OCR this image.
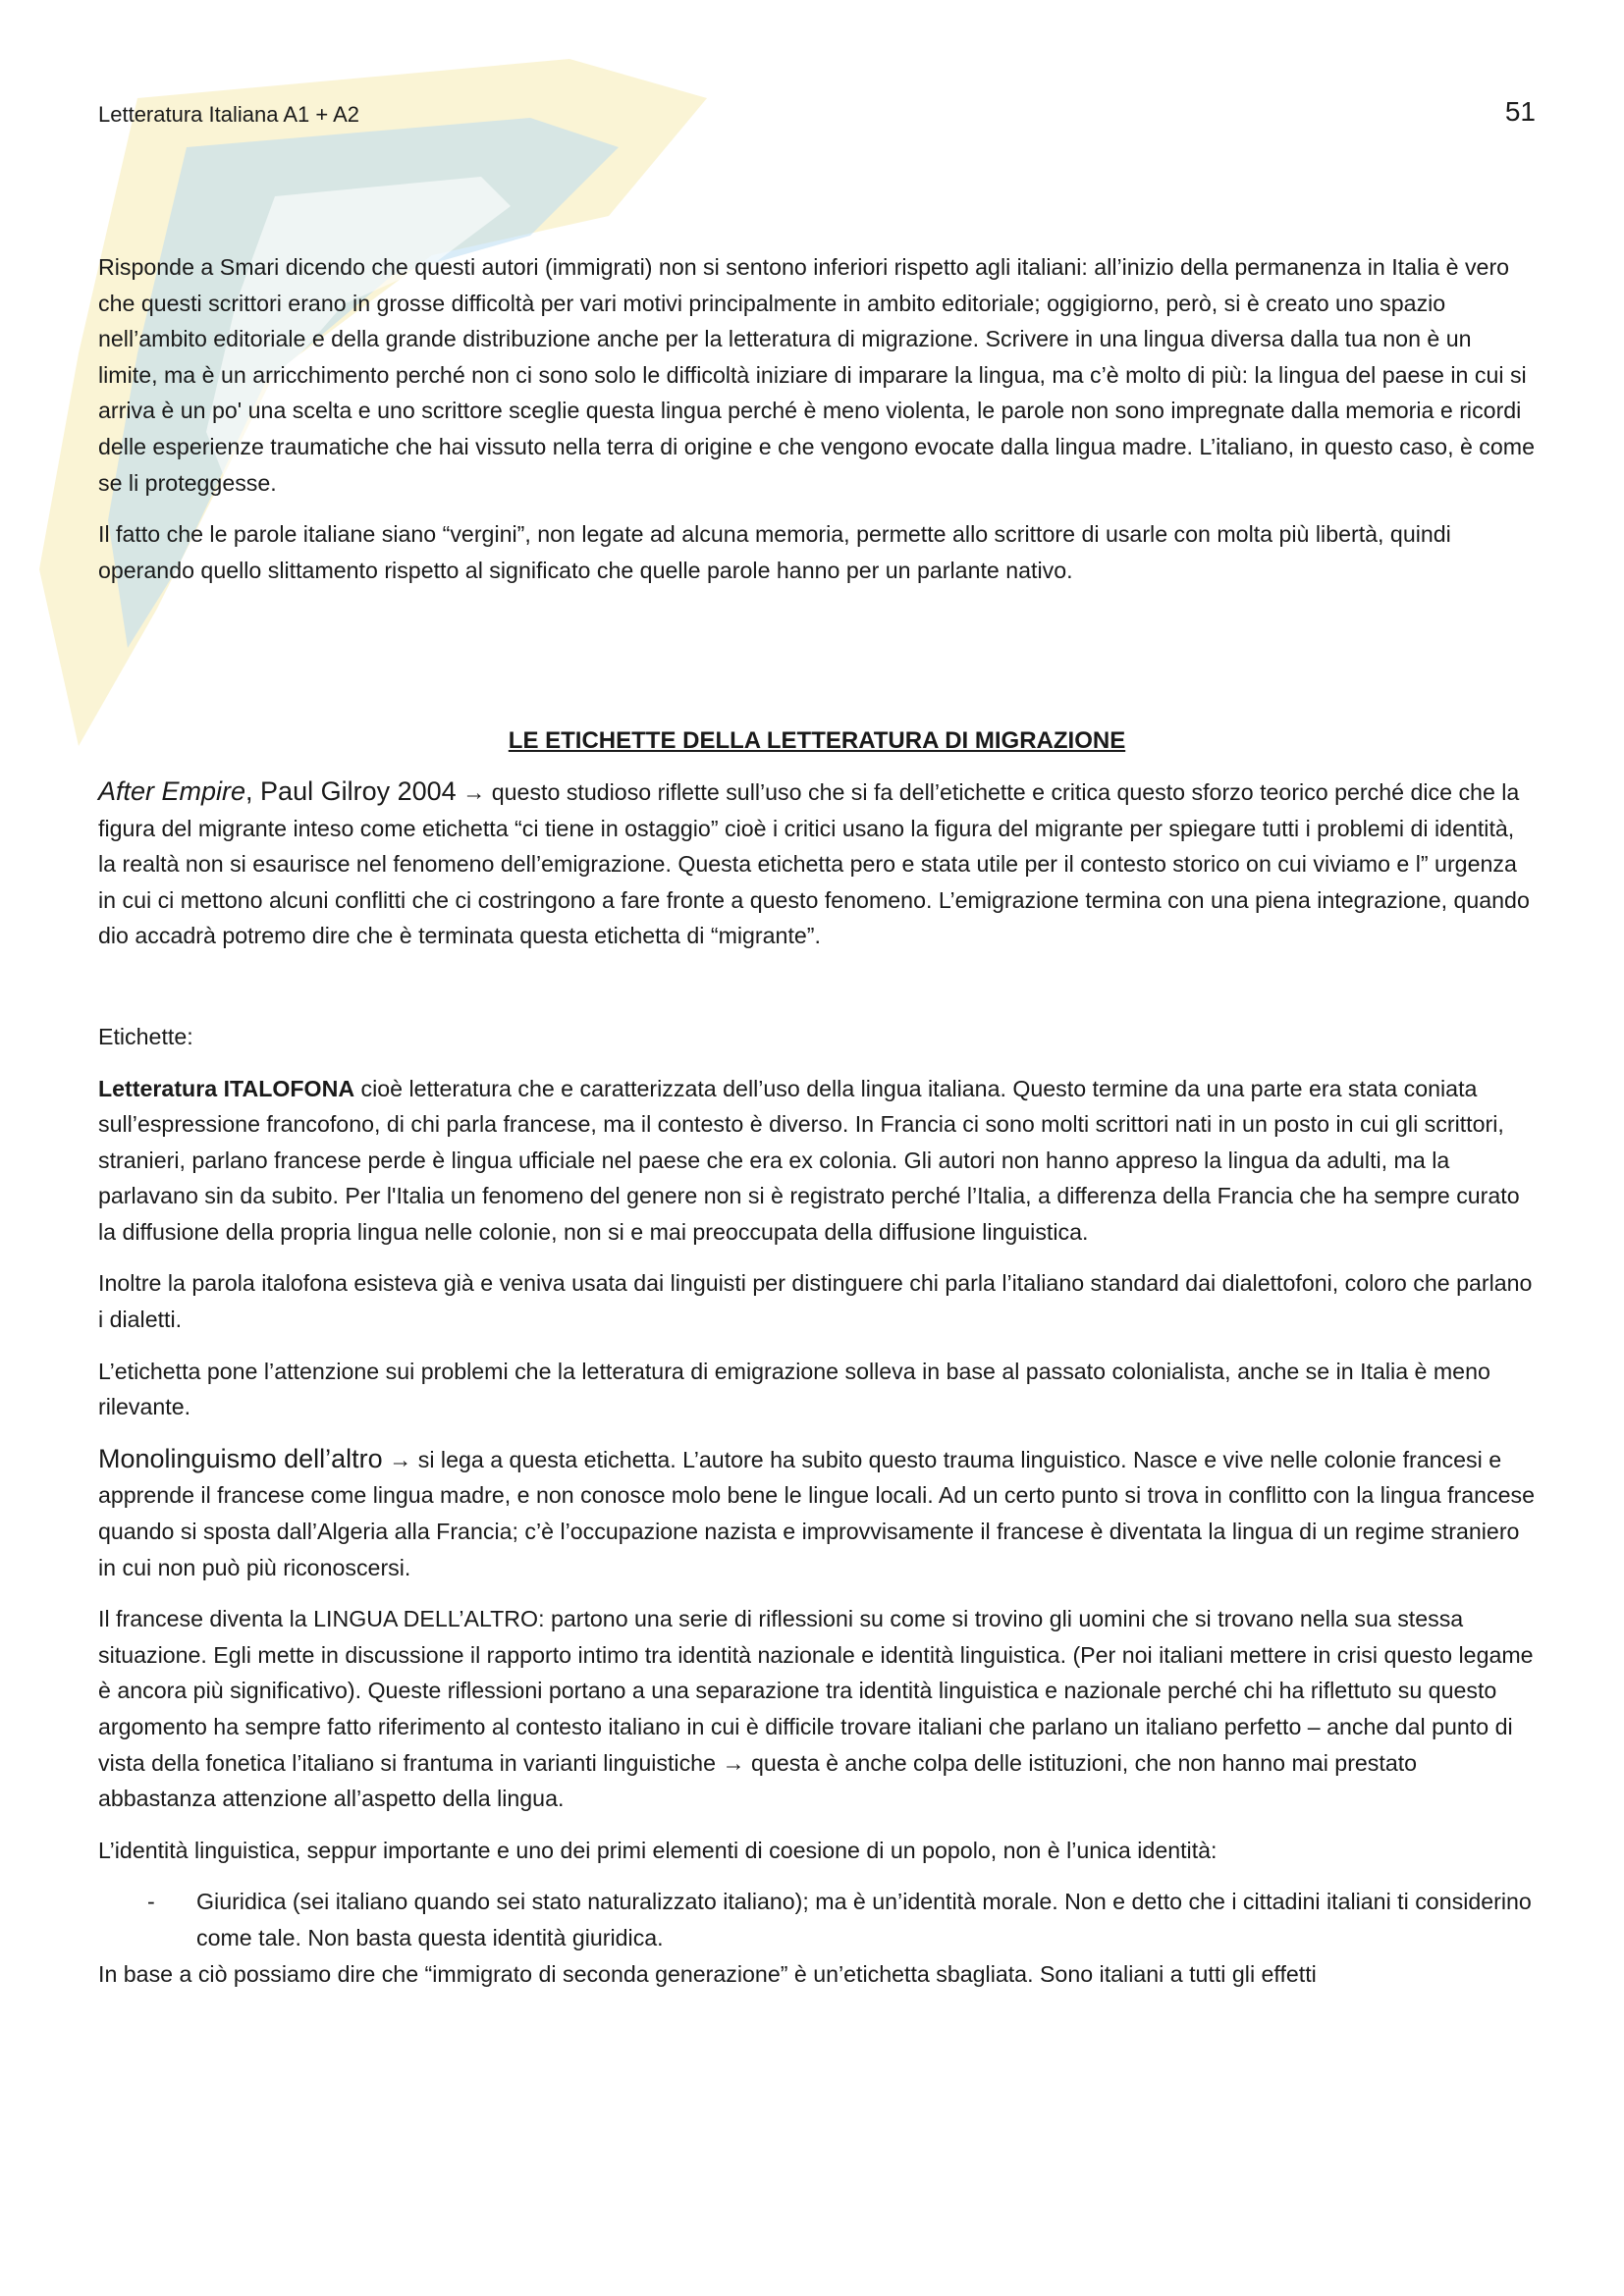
Letteratura Italiana A1 + A2	51

Risponde a Smari dicendo che questi autori (immigrati) non si sentono inferiori rispetto agli italiani: all’inizio della permanenza in Italia è vero che questi scrittori erano in grosse difficoltà per vari motivi principalmente in ambito editoriale; oggigiorno, però, si è creato uno spazio nell’ambito editoriale e della grande distribuzione anche per la letteratura di migrazione. Scrivere in una lingua diversa dalla tua non è un limite, ma è un arricchimento perché non ci sono solo le difficoltà iniziare di imparare la lingua, ma c’è molto di più: la lingua del paese in cui si arriva è un po' una scelta e uno scrittore sceglie questa lingua perché è meno violenta, le parole non sono impregnate dalla memoria e ricordi delle esperienze traumatiche che hai vissuto nella terra di origine e che vengono evocate dalla lingua madre. L’italiano, in questo caso, è come se li proteggesse.

Il fatto che le parole italiane siano “vergini”, non legate ad alcuna memoria, permette allo scrittore di usarle con molta più libertà, quindi operando quello slittamento rispetto al significato che quelle parole hanno per un parlante nativo.

LE ETICHETTE DELLA LETTERATURA DI MIGRAZIONE

After Empire, Paul Gilroy 2004 → questo studioso riflette sull’uso che si fa dell’etichette e critica questo sforzo teorico perché dice che la figura del migrante inteso come etichetta “ci tiene in ostaggio” cioè i critici usano la figura del migrante per spiegare tutti i problemi di identità, la realtà non si esaurisce nel fenomeno dell’emigrazione. Questa etichetta pero e stata utile per il contesto storico on cui viviamo e l” urgenza in cui ci mettono alcuni conflitti che ci costringono a fare fronte a questo fenomeno. L’emigrazione termina con una piena integrazione, quando dio accadrà potremo dire che è terminata questa etichetta di “migrante”.

Etichette:

Letteratura ITALOFONA cioè letteratura che e caratterizzata dell’uso della lingua italiana. Questo termine da una parte era stata coniata sull’espressione francofono, di chi parla francese, ma il contesto è diverso. In Francia ci sono molti scrittori nati in un posto in cui gli scrittori, stranieri, parlano francese perde è lingua ufficiale nel paese che era ex colonia. Gli autori non hanno appreso la lingua da adulti, ma la parlavano sin da subito. Per l'Italia un fenomeno del genere non si è registrato perché l’Italia, a differenza della Francia che ha sempre curato la diffusione della propria lingua nelle colonie, non si e mai preoccupata della diffusione linguistica.

Inoltre la parola italofona esisteva già e veniva usata dai linguisti per distinguere chi parla l’italiano standard dai dialettofoni, coloro che parlano i dialetti.

L’etichetta pone l’attenzione sui problemi che la letteratura di emigrazione solleva in base al passato colonialista, anche se in Italia è meno rilevante.

Monolinguismo dell’altro → si lega a questa etichetta. L’autore ha subito questo trauma linguistico. Nasce e vive nelle colonie francesi e apprende il francese come lingua madre, e non conosce molo bene le lingue locali. Ad un certo punto si trova in conflitto con la lingua francese quando si sposta dall’Algeria alla Francia; c’è l’occupazione nazista e improvvisamente il francese è diventata la lingua di un regime straniero in cui non può più riconoscersi.

Il francese diventa la LINGUA DELL’ALTRO: partono una serie di riflessioni su come si trovino gli uomini che si trovano nella sua stessa situazione. Egli mette in discussione il rapporto intimo tra identità nazionale e identità linguistica. (Per noi italiani mettere in crisi questo legame è ancora più significativo). Queste riflessioni portano a una separazione tra identità linguistica e nazionale perché chi ha riflettuto su questo argomento ha sempre fatto riferimento al contesto italiano in cui è difficile trovare italiani che parlano un italiano perfetto – anche dal punto di vista della fonetica l’italiano si frantuma in varianti linguistiche → questa è anche colpa delle istituzioni, che non hanno mai prestato abbastanza attenzione all’aspetto della lingua.

L’identità linguistica, seppur importante e uno dei primi elementi di coesione di un popolo, non è l’unica identità:

- Giuridica (sei italiano quando sei stato naturalizzato italiano); ma è un’identità morale. Non e detto che i cittadini italiani ti considerino come tale. Non basta questa identità giuridica.

In base a ciò possiamo dire che “immigrato di seconda generazione” è un’etichetta sbagliata. Sono italiani a tutti gli effetti
